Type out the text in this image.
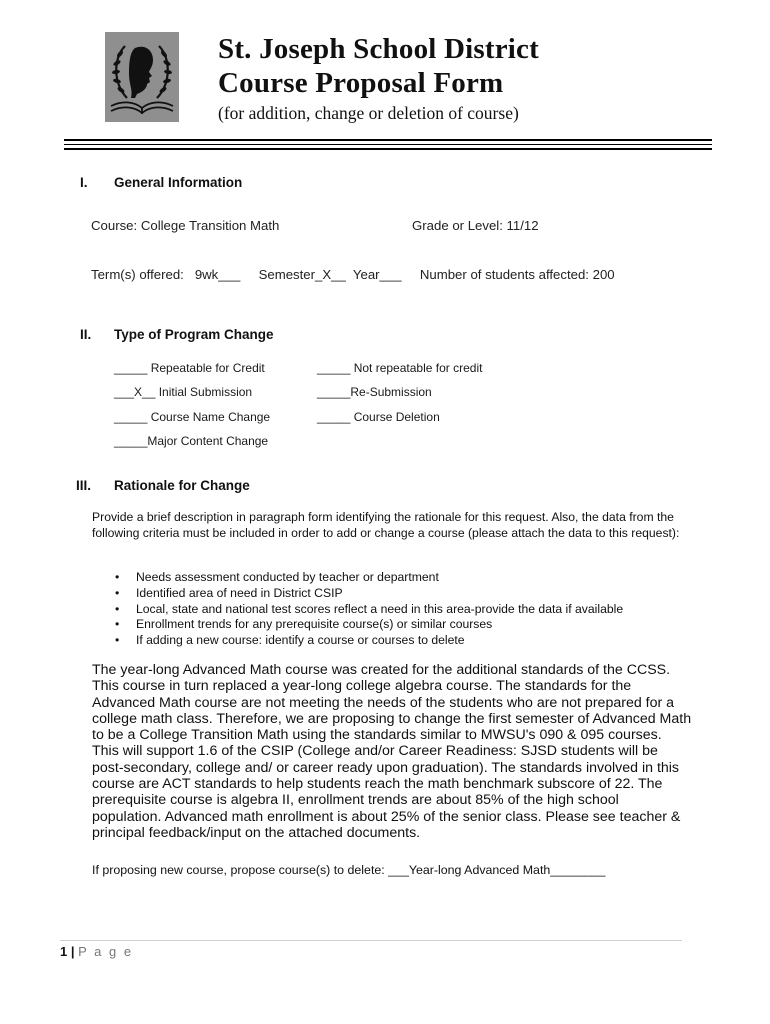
St. Joseph School District
Course Proposal Form
(for addition, change or deletion of course)
I. General Information
Course: College Transition Math	Grade or Level: 11/12
Term(s) offered:   9wk___     Semester_X__  Year___     Number of students affected: 200
II. Type of Program Change
_____ Repeatable for Credit	_____ Not repeatable for credit
___X__ Initial Submission	_____Re-Submission
_____ Course Name Change	_____ Course Deletion
_____Major Content Change
III. Rationale for Change
Provide a brief description in paragraph form identifying the rationale for this request. Also, the data from the following criteria must be included in order to add or change a course (please attach the data to this request):
• Needs assessment conducted by teacher or department
• Identified area of need in District CSIP
• Local, state and national test scores reflect a need in this area-provide the data if available
• Enrollment trends for any prerequisite course(s) or similar courses
• If adding a new course: identify a course or courses to delete
The year-long Advanced Math course was created for the additional standards of the CCSS. This course in turn replaced a year-long college algebra course. The standards for the Advanced Math course are not meeting the needs of the students who are not prepared for a college math class. Therefore, we are proposing to change the first semester of Advanced Math to be a College Transition Math using the standards similar to MWSU's 090 & 095 courses. This will support 1.6 of the CSIP (College and/or Career Readiness: SJSD students will be post-secondary, college and/ or career ready upon graduation). The standards involved in this course are ACT standards to help students reach the math benchmark subscore of 22. The prerequisite course is algebra II, enrollment trends are about 85% of the high school population. Advanced math enrollment is about 25% of the senior class. Please see teacher & principal feedback/input on the attached documents.
If proposing new course, propose course(s) to delete: ___Year-long Advanced Math________
1 | P a g e
